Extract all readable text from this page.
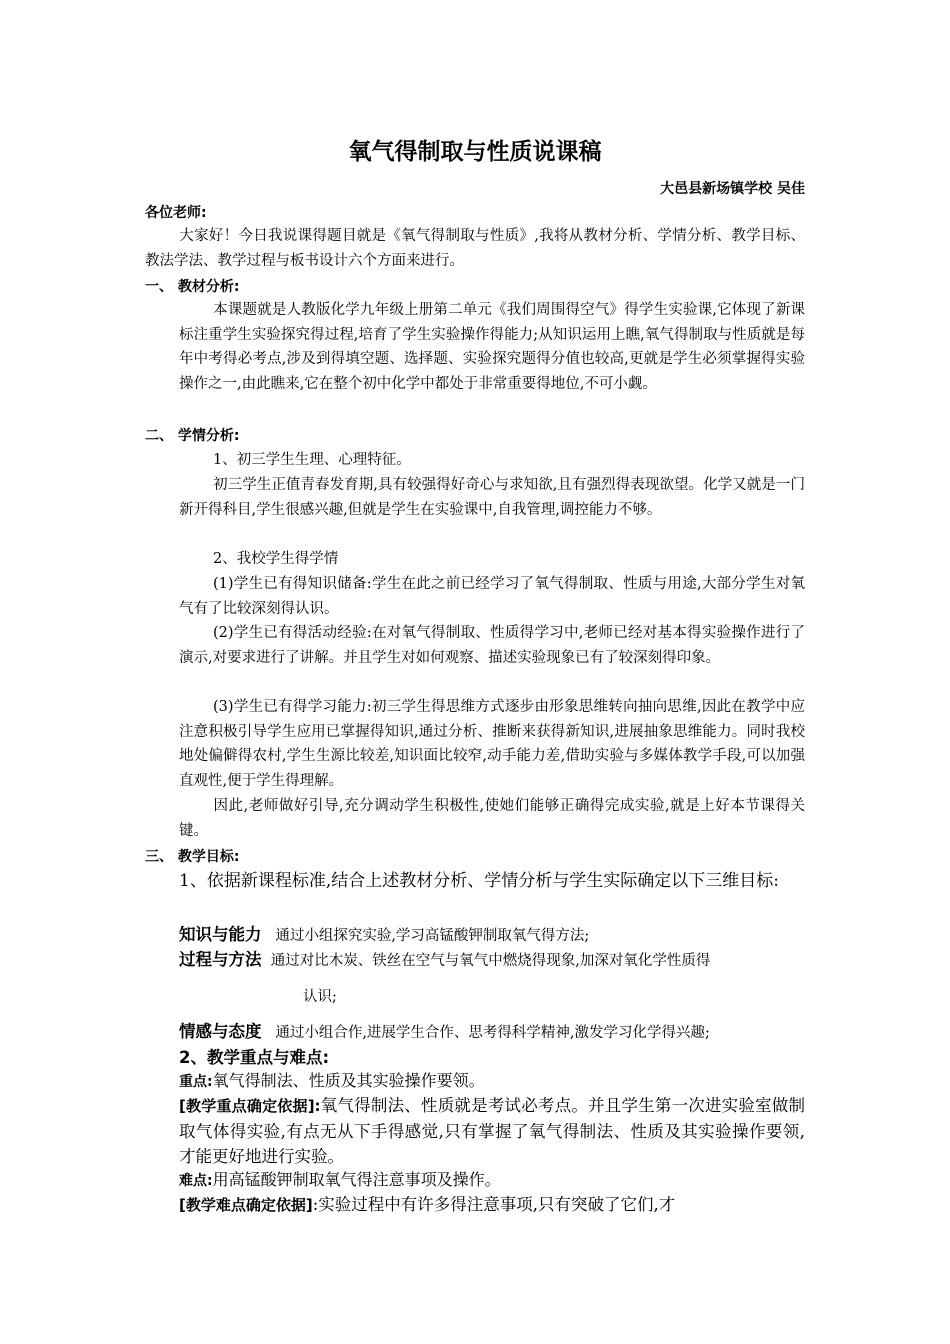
氧气得制取与性质说课稿
大邑县新场镇学校 吴佳
各位老师:
大家好！今日我说课得题目就是《氧气得制取与性质》,我将从教材分析、学情分析、教学目标、教法学法、教学过程与板书设计六个方面来进行。
一、 教材分析:
本课题就是人教版化学九年级上册第二单元《我们周围得空气》得学生实验课,它体现了新课标注重学生实验探究得过程,培育了学生实验操作得能力;从知识运用上瞧,氧气得制取与性质就是每年中考得必考点,涉及到得填空题、选择题、实验探究题得分值也较高,更就是学生必须掌握得实验操作之一,由此瞧来,它在整个初中化学中都处于非常重要得地位,不可小觑。
二、 学情分析:
1、初三学生生理、心理特征。
初三学生正值青春发育期,具有较强得好奇心与求知欲,且有强烈得表现欲望。化学又就是一门新开得科目,学生很感兴趣,但就是学生在实验课中,自我管理,调控能力不够。
2、我校学生得学情
(1)学生已有得知识储备:学生在此之前已经学习了氧气得制取、性质与用途,大部分学生对氧气有了比较深刻得认识。
(2)学生已有得活动经验:在对氧气得制取、性质得学习中,老师已经对基本得实验操作进行了演示,对要求进行了讲解。并且学生对如何观察、描述实验现象已有了较深刻得印象。
(3)学生已有得学习能力:初三学生得思维方式逐步由形象思维转向抽向思维,因此在教学中应注意积极引导学生应用已掌握得知识,通过分析、推断来获得新知识,进展抽象思维能力。同时我校地处偏僻得农村,学生生源比较差,知识面比较窄,动手能力差,借助实验与多媒体教学手段,可以加强直观性,便于学生得理解。
因此,老师做好引导,充分调动学生积极性,使她们能够正确得完成实验,就是上好本节课得关键。
三、 教学目标:
1、依据新课程标准,结合上述教材分析、学情分析与学生实际确定以下三维目标:
知识与能力 通过小组探究实验,学习高锰酸钾制取氧气得方法;
过程与方法 通过对比木炭、铁丝在空气与氧气中燃烧得现象,加深对氧化学性质得
认识;
情感与态度 通过小组合作,进展学生合作、思考得科学精神,激发学习化学得兴趣;
2、教学重点与难点:
重点:氧气得制法、性质及其实验操作要领。
[教学重点确定依据]:氧气得制法、性质就是考试必考点。并且学生第一次进实验室做制取气体得实验,有点无从下手得感觉,只有掌握了氧气得制法、性质及其实验操作要领,才能更好地进行实验。
难点:用高锰酸钾制取氧气得注意事项及操作。
[教学难点确定依据]:实验过程中有许多得注意事项,只有突破了它们,才
